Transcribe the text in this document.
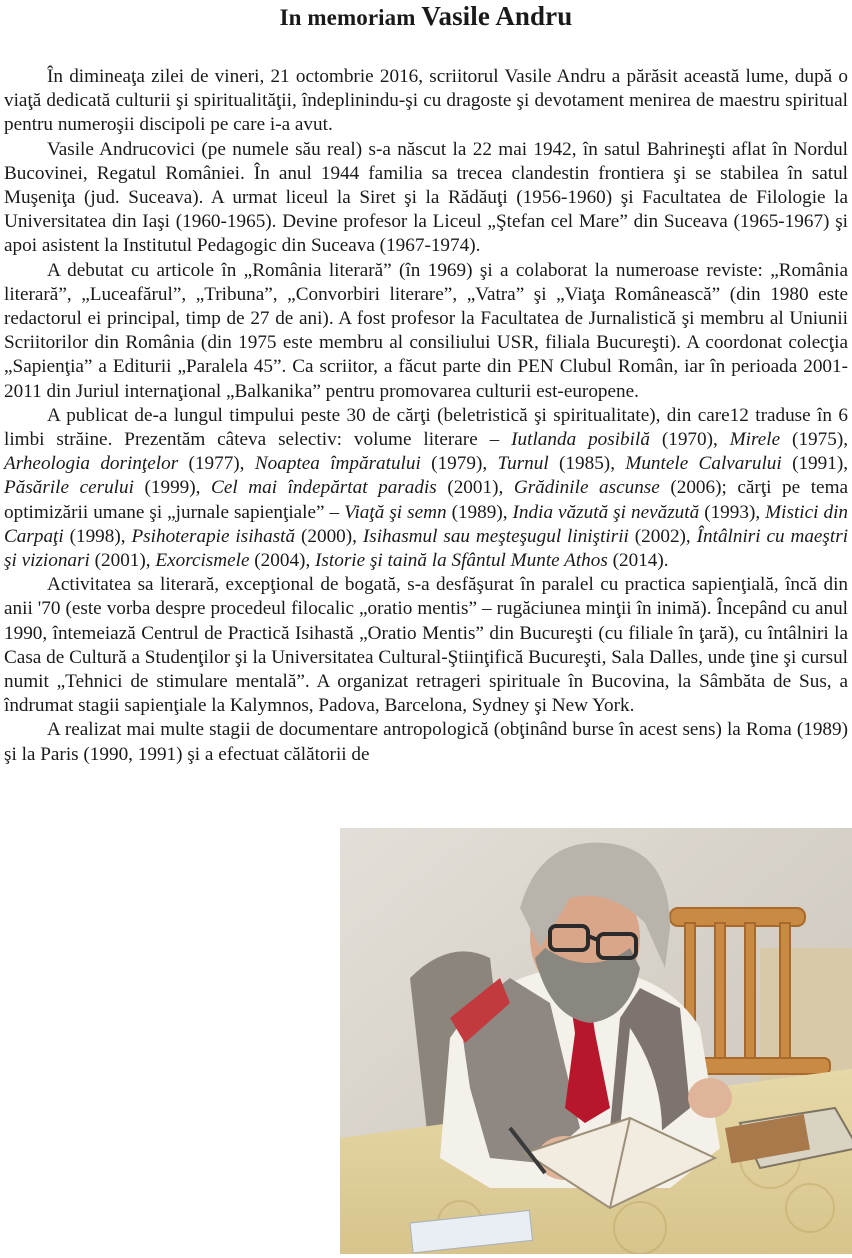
In memoriam Vasile Andru

În dimineaţa zilei de vineri, 21 octombrie 2016, scriitorul Vasile Andru a părăsit această lume, după o viaţă dedicată culturii şi spiritualităţii, îndeplinindu-şi cu dragoste şi devotament menirea de maestru spiritual pentru numeroşii discipoli pe care i-a avut.

Vasile Andrucovici (pe numele său real) s-a născut la 22 mai 1942, în satul Bahrineşti aflat în Nordul Bucovinei, Regatul României. În anul 1944 familia sa trecea clandestin frontiera şi se stabilea în satul Muşeniţa (jud. Suceava). A urmat liceul la Siret şi la Rădăuţi (1956-1960) şi Facultatea de Filologie la Universitatea din Iaşi (1960-1965). Devine profesor la Liceul „Ştefan cel Mare” din Suceava (1965-1967) şi apoi asistent la Institutul Pedagogic din Suceava (1967-1974).

A debutat cu articole în „România literară” (în 1969) şi a colaborat la numeroase reviste: „România literară”, „Luceafărul”, „Tribuna”, „Convorbiri literare”, „Vatra” şi „Viaţa Românească” (din 1980 este redactorul ei principal, timp de 27 de ani). A fost profesor la Facultatea de Jurnalistică şi membru al Uniunii Scriitorilor din România (din 1975 este membru al consiliului USR, filiala Bucureşti). A coordonat colecţia „Sapienţia” a Editurii „Paralela 45”. Ca scriitor, a făcut parte din PEN Clubul Român, iar în perioada 2001-2011 din Juriul internaţional „Balkanika” pentru promovarea culturii est-europene.

A publicat de-a lungul timpului peste 30 de cărţi (beletristică şi spiritualitate), din care12 traduse în 6 limbi străine. Prezentăm câteva selectiv: volume literare – Iutlanda posibilă (1970), Mirele (1975), Arheologia dorinţelor (1977), Noaptea împăratului (1979), Turnul (1985), Muntele Calvarului (1991), Păsările cerului (1999), Cel mai îndepărtat paradis (2001), Grădinile ascunse (2006); cărţi pe tema optimizării umane şi „jurnale sapienţiale” – Viaţă şi semn (1989), India văzută şi nevăzută (1993), Mistici din Carpaţi (1998), Psihoterapie isihastă (2000), Isihasmul sau meşteşugul liniştirii (2002), Întâlniri cu maeştri şi vizionari (2001), Exorcismele (2004), Istorie şi taină la Sfântul Munte Athos (2014).

Activitatea sa literară, excepţional de bogată, s-a desfăşurat în paralel cu practica sapienţială, încă din anii '70 (este vorba despre procedeul filocalic „oratio mentis” – rugăciunea minţii în inimă). Începând cu anul 1990, întemeiază Centrul de Practică Isihastă „Oratio Mentis” din Bucureşti (cu filiale în ţară), cu întâlniri la Casa de Cultură a Studenţilor şi la Universitatea Cultural-Ştiinţifică Bucureşti, Sala Dalles, unde ţine şi cursul numit „Tehnici de stimulare mentală”. A organizat retrageri spirituale în Bucovina, la Sâmbăta de Sus, a îndrumat stagii sapienţiale la Kalymnos, Padova, Barcelona, Sydney şi New York.

A realizat mai multe stagii de documentare antropologică (obţinând burse în acest sens) la Roma (1989) şi la Paris (1990, 1991) şi a efectuat călătorii de
